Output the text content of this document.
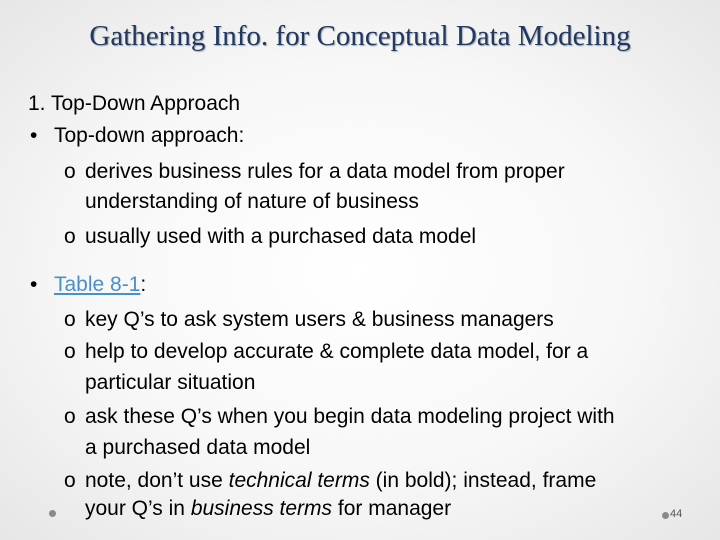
Gathering Info. for Conceptual Data Modeling
1. Top-Down Approach
• Top-down approach:
o derives business rules for a data model from proper
understanding of nature of business
o usually used with a purchased data model
• Table 8-1:
o key Q’s to ask system users & business managers
o help to develop accurate & complete data model, for a
particular situation
o ask these Q’s when you begin data modeling project with
a purchased data model
o note, don’t use technical terms (in bold); instead, frame
your Q’s in business terms for manager	44
